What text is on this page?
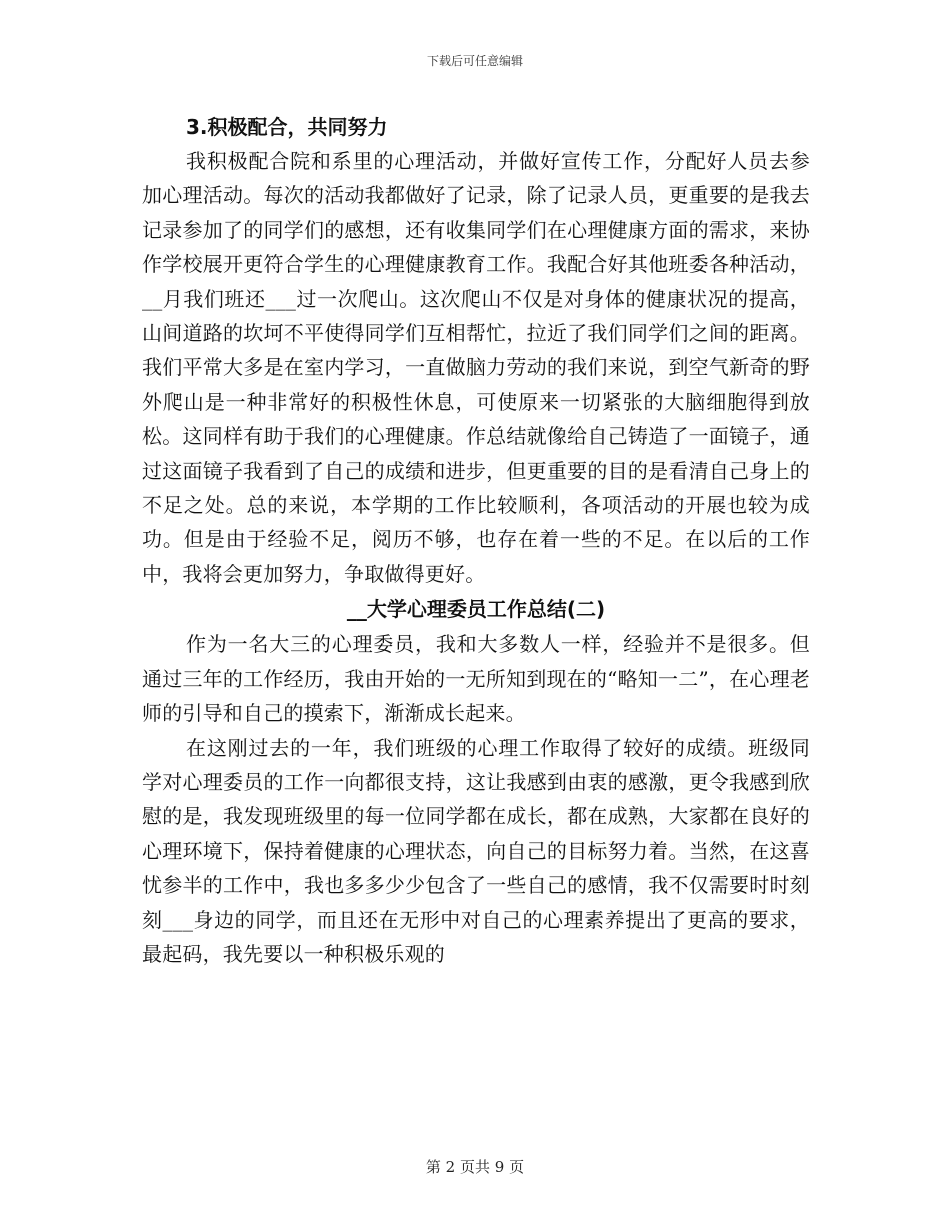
下载后可任意编辑

3.积极配合，共同努力

我积极配合院和系里的心理活动，并做好宣传工作，分配好人员去参加心理活动。每次的活动我都做好了记录，除了记录人员，更重要的是我去记录参加了的同学们的感想，还有收集同学们在心理健康方面的需求，来协作学校展开更符合学生的心理健康教育工作。我配合好其他班委各种活动，__月我们班还___过一次爬山。这次爬山不仅是对身体的健康状况的提高，山间道路的坎坷不平使得同学们互相帮忙，拉近了我们同学们之间的距离。我们平常大多是在室内学习，一直做脑力劳动的我们来说，到空气新奇的野外爬山是一种非常好的积极性休息，可使原来一切紧张的大脑细胞得到放松。这同样有助于我们的心理健康。作总结就像给自己铸造了一面镜子，通过这面镜子我看到了自己的成绩和进步，但更重要的目的是看清自己身上的不足之处。总的来说，本学期的工作比较顺利，各项活动的开展也较为成功。但是由于经验不足，阅历不够，也存在着一些的不足。在以后的工作中，我将会更加努力，争取做得更好。

__大学心理委员工作总结(二)

作为一名大三的心理委员，我和大多数人一样，经验并不是很多。但通过三年的工作经历，我由开始的一无所知到现在的“略知一二”，在心理老师的引导和自己的摸索下，渐渐成长起来。

在这刚过去的一年，我们班级的心理工作取得了较好的成绩。班级同学对心理委员的工作一向都很支持，这让我感到由衷的感激，更令我感到欣慰的是，我发现班级里的每一位同学都在成长，都在成熟，大家都在良好的心理环境下，保持着健康的心理状态，向自己的目标努力着。当然，在这喜忧参半的工作中，我也多多少少包含了一些自己的感情，我不仅需要时时刻刻___身边的同学，而且还在无形中对自己的心理素养提出了更高的要求，最起码，我先要以一种积极乐观的

第 2 页共 9 页
